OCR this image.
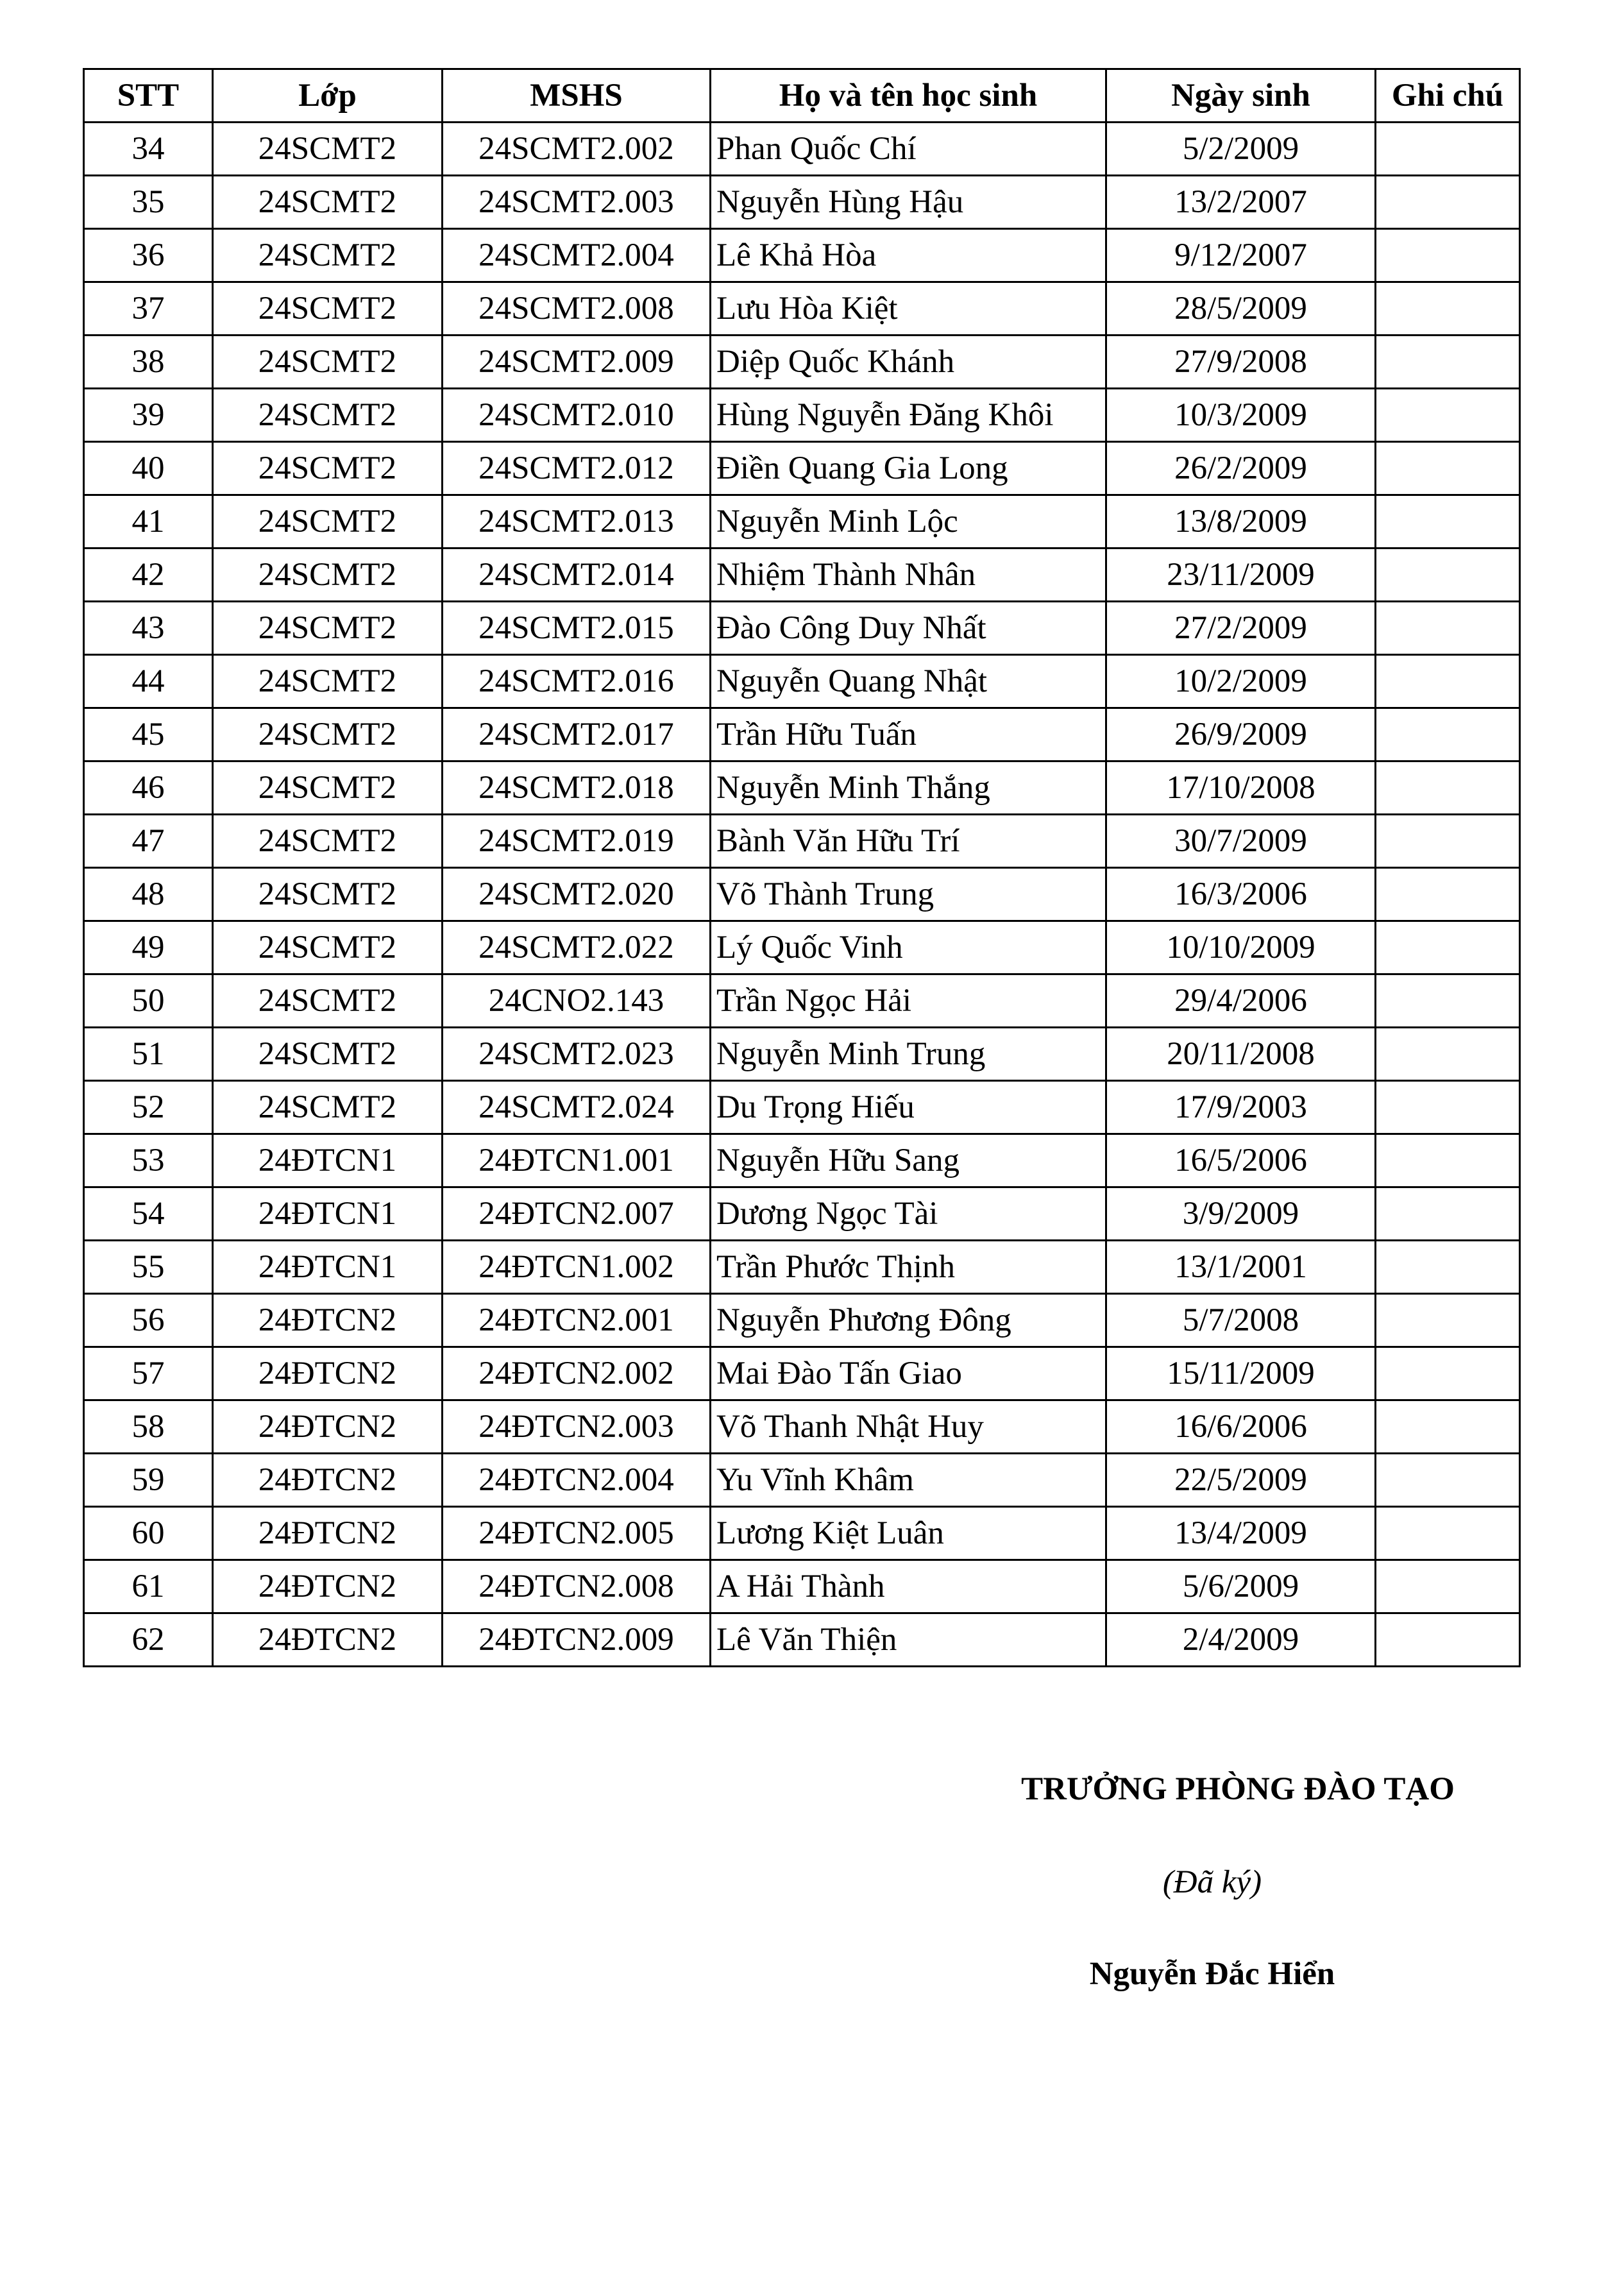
STT	Lớp	MSHS	Họ và tên học sinh	Ngày sinh	Ghi chú
34	24SCMT2	24SCMT2.002	Phan Quốc Chí	5/2/2009	
35	24SCMT2	24SCMT2.003	Nguyễn Hùng Hậu	13/2/2007	
36	24SCMT2	24SCMT2.004	Lê Khả Hòa	9/12/2007	
37	24SCMT2	24SCMT2.008	Lưu Hòa Kiệt	28/5/2009	
38	24SCMT2	24SCMT2.009	Diệp Quốc Khánh	27/9/2008	
39	24SCMT2	24SCMT2.010	Hùng Nguyễn Đăng Khôi	10/3/2009	
40	24SCMT2	24SCMT2.012	Điền Quang Gia Long	26/2/2009	
41	24SCMT2	24SCMT2.013	Nguyễn Minh Lộc	13/8/2009	
42	24SCMT2	24SCMT2.014	Nhiệm Thành Nhân	23/11/2009	
43	24SCMT2	24SCMT2.015	Đào Công Duy Nhất	27/2/2009	
44	24SCMT2	24SCMT2.016	Nguyễn Quang Nhật	10/2/2009	
45	24SCMT2	24SCMT2.017	Trần Hữu Tuấn	26/9/2009	
46	24SCMT2	24SCMT2.018	Nguyễn Minh Thắng	17/10/2008	
47	24SCMT2	24SCMT2.019	Bành Văn Hữu Trí	30/7/2009	
48	24SCMT2	24SCMT2.020	Võ Thành Trung	16/3/2006	
49	24SCMT2	24SCMT2.022	Lý Quốc Vinh	10/10/2009	
50	24SCMT2	24CNO2.143	Trần Ngọc Hải	29/4/2006	
51	24SCMT2	24SCMT2.023	Nguyễn Minh Trung	20/11/2008	
52	24SCMT2	24SCMT2.024	Du Trọng Hiếu	17/9/2003	
53	24ĐTCN1	24ĐTCN1.001	Nguyễn Hữu Sang	16/5/2006	
54	24ĐTCN1	24ĐTCN2.007	Dương Ngọc Tài	3/9/2009	
55	24ĐTCN1	24ĐTCN1.002	Trần Phước Thịnh	13/1/2001	
56	24ĐTCN2	24ĐTCN2.001	Nguyễn Phương Đông	5/7/2008	
57	24ĐTCN2	24ĐTCN2.002	Mai Đào Tấn Giao	15/11/2009	
58	24ĐTCN2	24ĐTCN2.003	Võ Thanh Nhật Huy	16/6/2006	
59	24ĐTCN2	24ĐTCN2.004	Yu Vĩnh Khâm	22/5/2009	
60	24ĐTCN2	24ĐTCN2.005	Lương Kiệt Luân	13/4/2009	
61	24ĐTCN2	24ĐTCN2.008	A Hải Thành	5/6/2009	
62	24ĐTCN2	24ĐTCN2.009	Lê Văn Thiện	2/4/2009	
TRƯỞNG PHÒNG ĐÀO TẠO
(Đã ký)
Nguyễn Đắc Hiển
